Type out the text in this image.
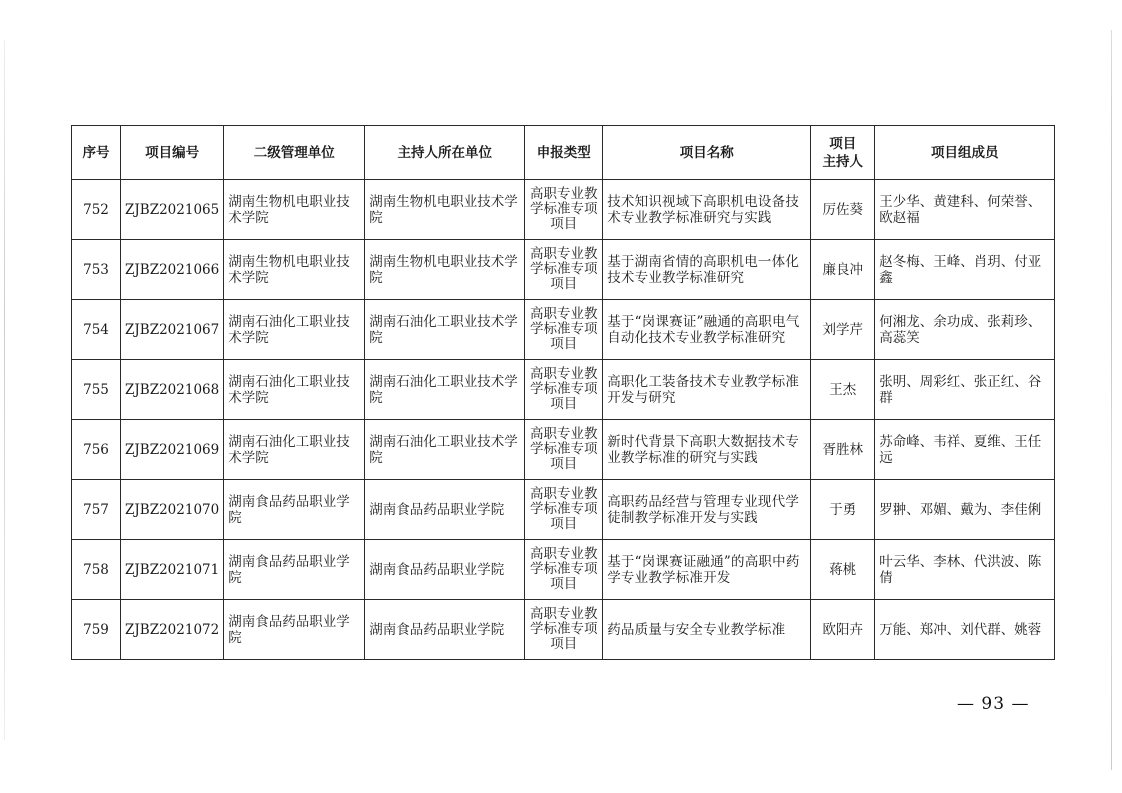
序号	项目编号	二级管理单位	主持人所在单位	申报类型	项目名称	项目
主持人	项目组成员
752	ZJBZ2021065	湖南生物机电职业技术学院	湖南生物机电职业技术学院	高职专业教学标准专项项目	技术知识视域下高职机电设备技术专业教学标准研究与实践	厉佐葵	王少华、黄建科、何荣誉、欧赵福
753	ZJBZ2021066	湖南生物机电职业技术学院	湖南生物机电职业技术学院	高职专业教学标准专项项目	基于湖南省情的高职机电一体化技术专业教学标准研究	廉良冲	赵冬梅、王峰、肖玥、付亚鑫
754	ZJBZ2021067	湖南石油化工职业技术学院	湖南石油化工职业技术学院	高职专业教学标准专项项目	基于“岗课赛证”融通的高职电气自动化技术专业教学标准研究	刘学芹	何湘龙、余功成、张莉珍、高蕊笑
755	ZJBZ2021068	湖南石油化工职业技术学院	湖南石油化工职业技术学院	高职专业教学标准专项项目	高职化工装备技术专业教学标准开发与研究	王杰	张明、周彩红、张正红、谷群
756	ZJBZ2021069	湖南石油化工职业技术学院	湖南石油化工职业技术学院	高职专业教学标准专项项目	新时代背景下高职大数据技术专业教学标准的研究与实践	胥胜林	苏命峰、韦祥、夏维、王任远
757	ZJBZ2021070	湖南食品药品职业学院	湖南食品药品职业学院	高职专业教学标准专项项目	高职药品经营与管理专业现代学徒制教学标准开发与实践	于勇	罗翀、邓媚、戴为、李佳俐
758	ZJBZ2021071	湖南食品药品职业学院	湖南食品药品职业学院	高职专业教学标准专项项目	基于“岗课赛证融通”的高职中药学专业教学标准开发	蒋桃	叶云华、李林、代洪波、陈倩
759	ZJBZ2021072	湖南食品药品职业学院	湖南食品药品职业学院	高职专业教学标准专项项目	药品质量与安全专业教学标准	欧阳卉	万能、郑冲、刘代群、姚蓉
— 93 —
